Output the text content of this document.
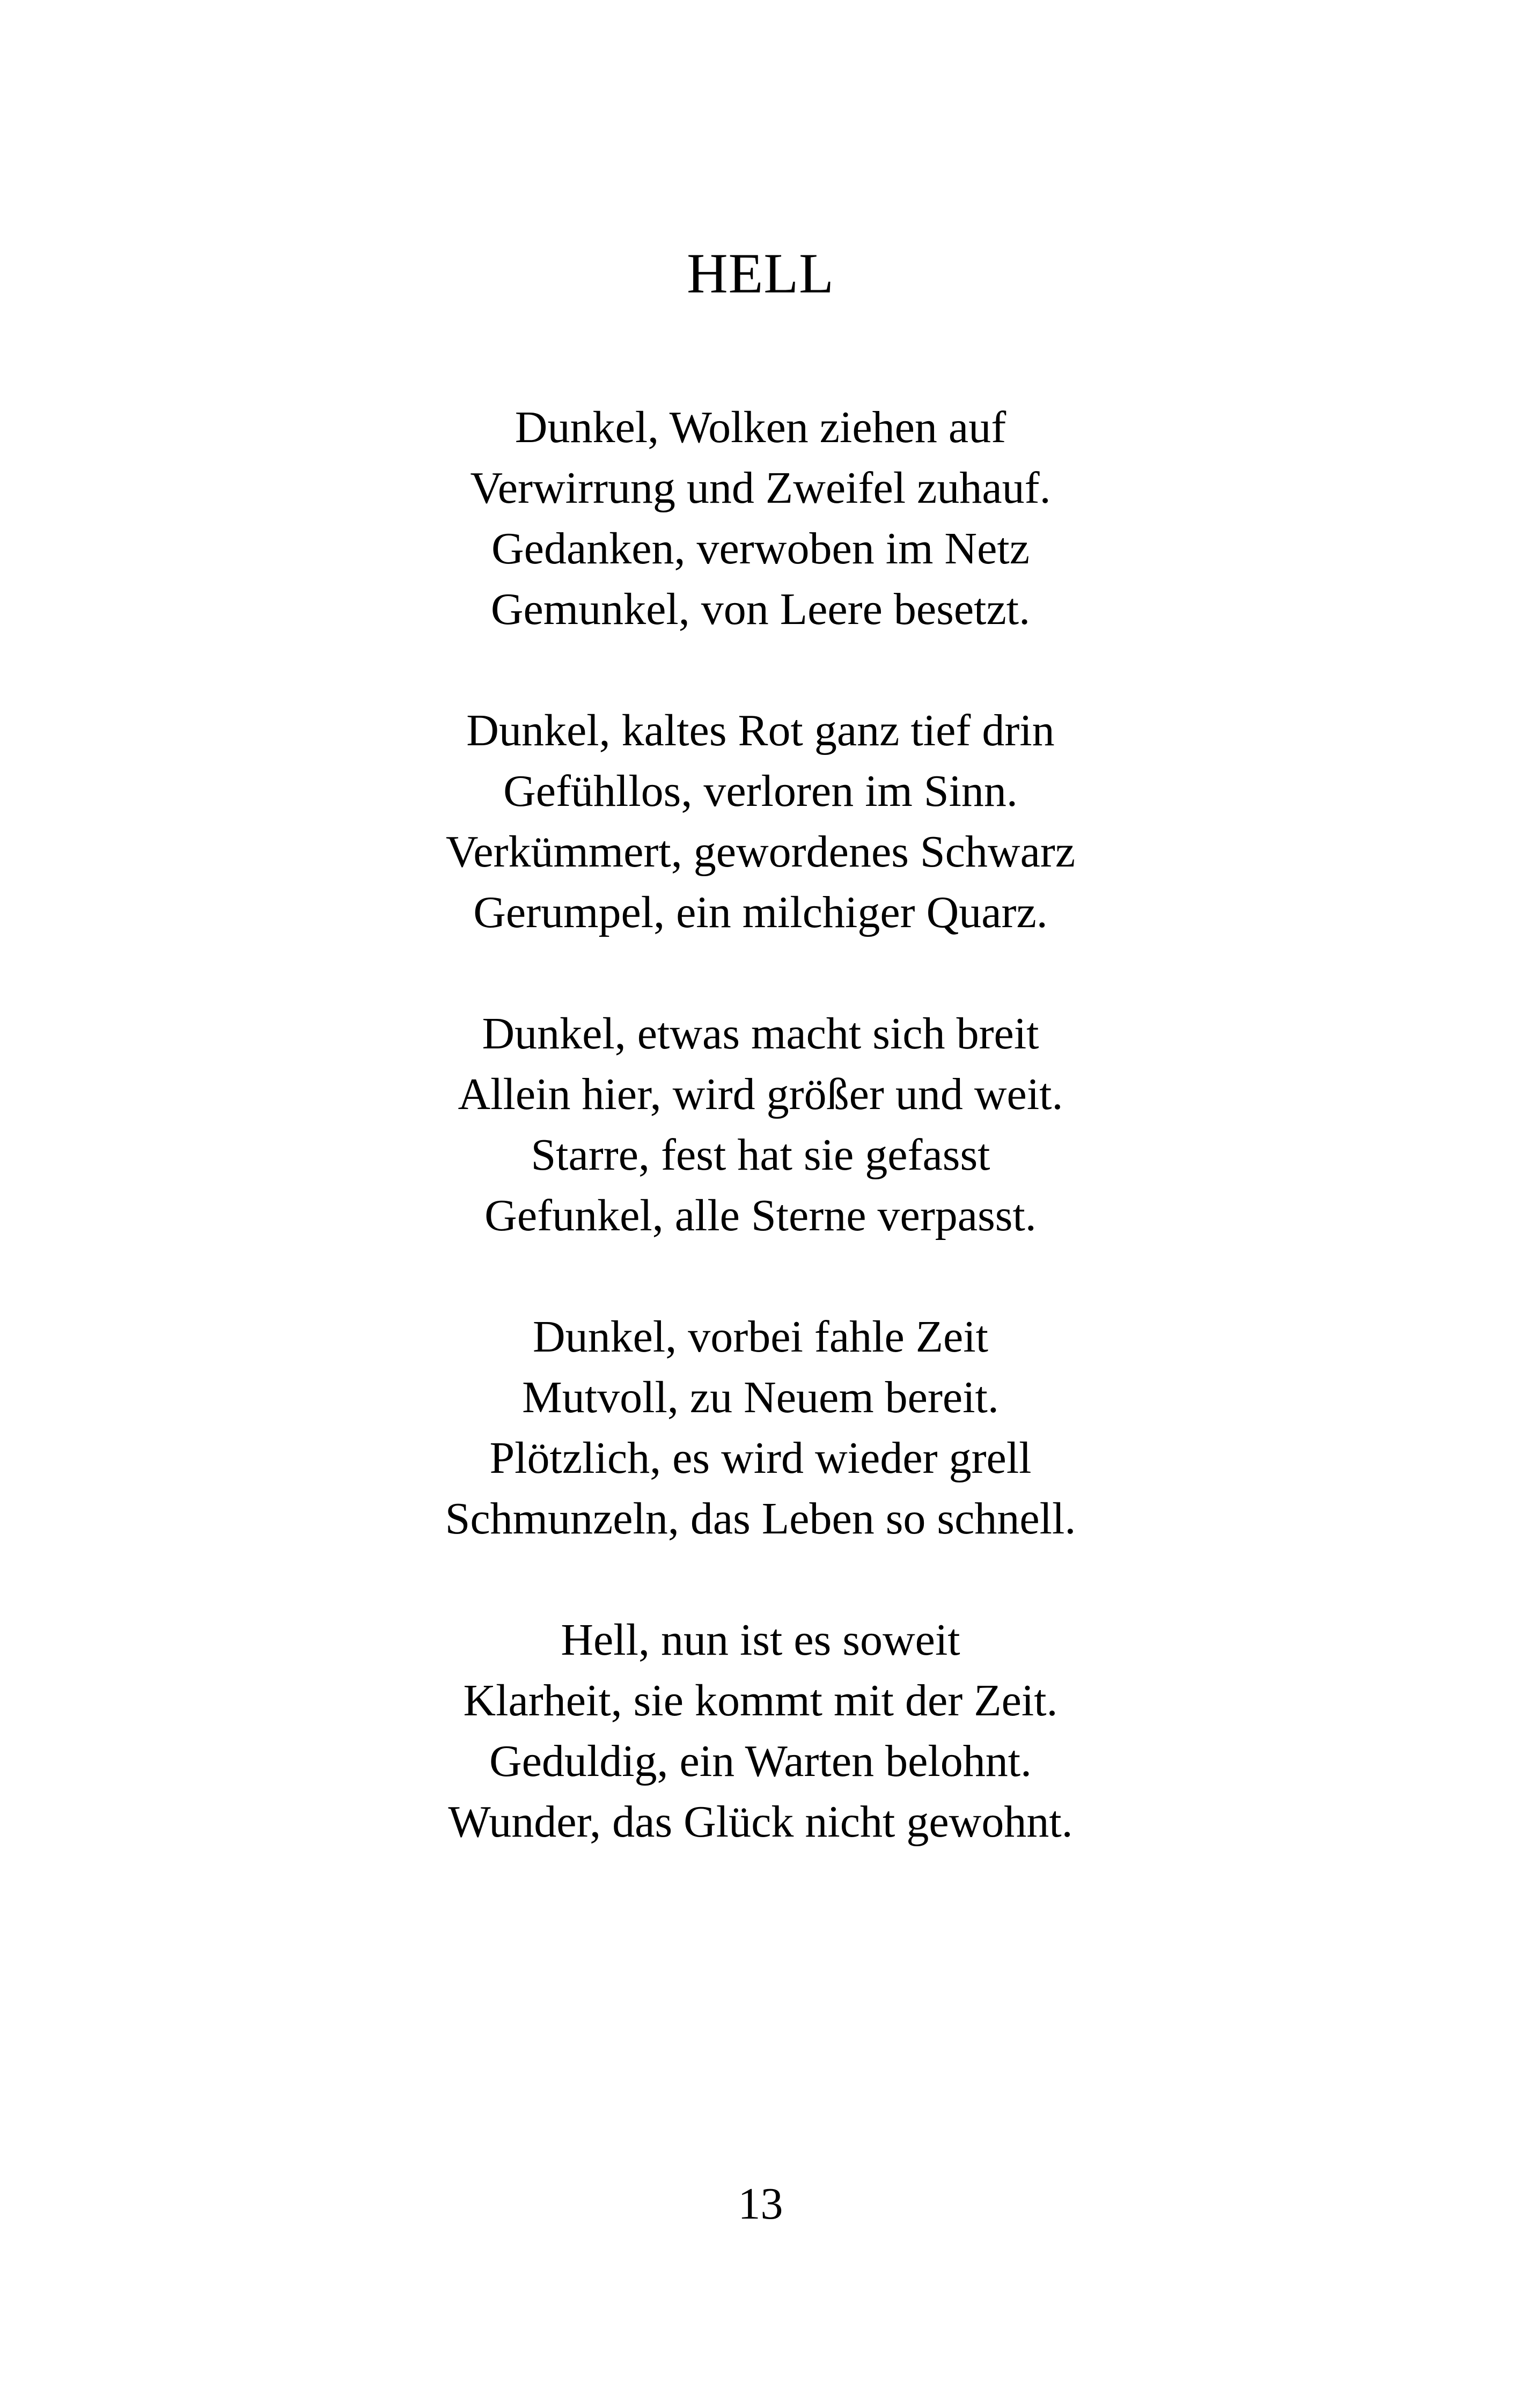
HELL
Dunkel, Wolken ziehen auf
Verwirrung und Zweifel zuhauf.
Gedanken, verwoben im Netz
Gemunkel, von Leere besetzt.
Dunkel, kaltes Rot ganz tief drin
Gefühllos, verloren im Sinn.
Verkümmert, gewordenes Schwarz
Gerumpel, ein milchiger Quarz.
Dunkel, etwas macht sich breit
Allein hier, wird größer und weit.
Starre, fest hat sie gefasst
Gefunkel, alle Sterne verpasst.
Dunkel, vorbei fahle Zeit
Mutvoll, zu Neuem bereit.
Plötzlich, es wird wieder grell
Schmunzeln, das Leben so schnell.
Hell, nun ist es soweit
Klarheit, sie kommt mit der Zeit.
Geduldig, ein Warten belohnt.
Wunder, das Glück nicht gewohnt.
13
